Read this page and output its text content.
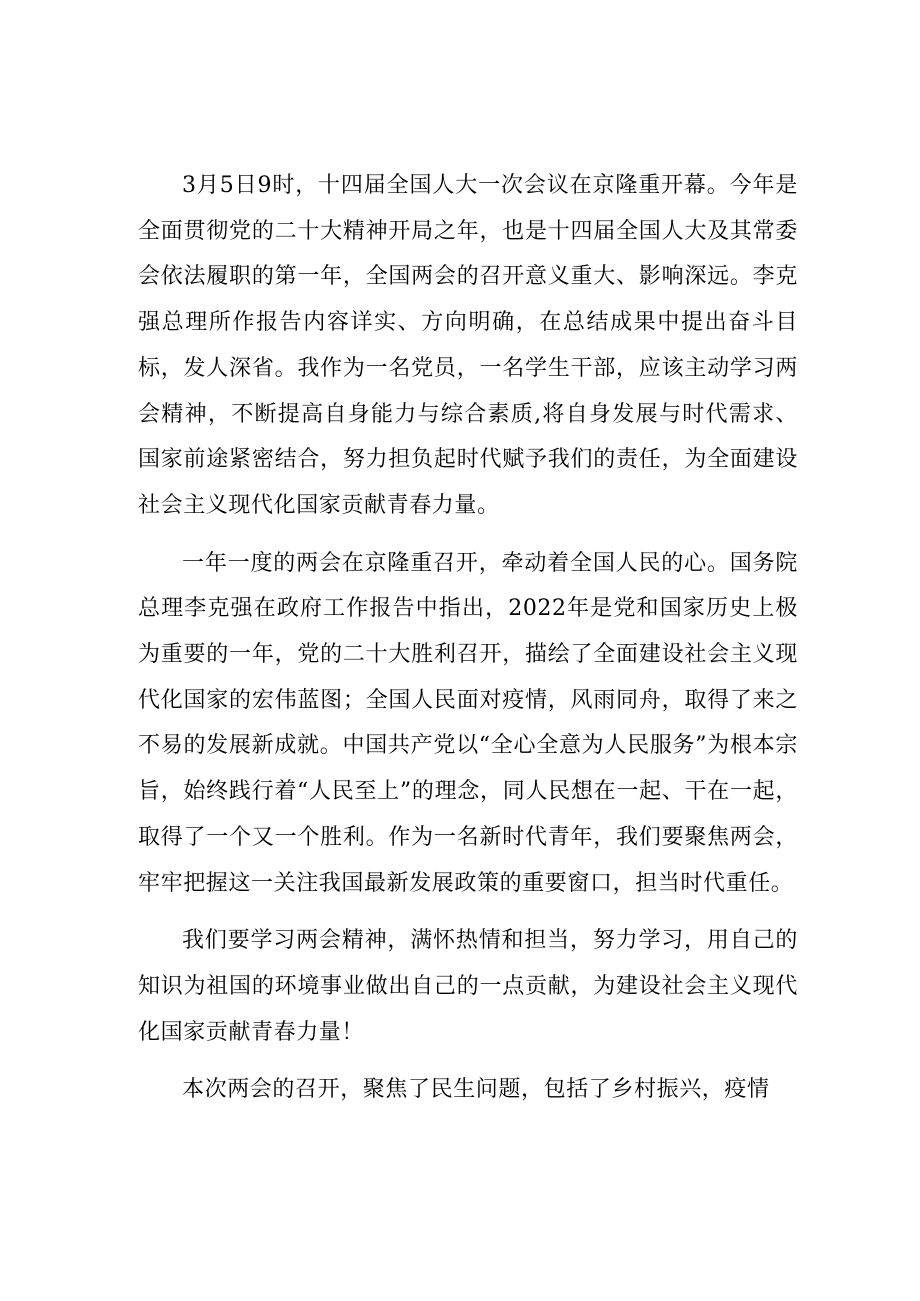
3月5日9时，十四届全国人大一次会议在京隆重开幕。今年是全面贯彻党的二十大精神开局之年，也是十四届全国人大及其常委会依法履职的第一年，全国两会的召开意义重大、影响深远。李克强总理所作报告内容详实、方向明确，在总结成果中提出奋斗目标，发人深省。我作为一名党员，一名学生干部，应该主动学习两会精神，不断提高自身能力与综合素质,将自身发展与时代需求、国家前途紧密结合，努力担负起时代赋予我们的责任，为全面建设社会主义现代化国家贡献青春力量。

一年一度的两会在京隆重召开，牵动着全国人民的心。国务院总理李克强在政府工作报告中指出，2022年是党和国家历史上极为重要的一年，党的二十大胜利召开，描绘了全面建设社会主义现代化国家的宏伟蓝图；全国人民面对疫情，风雨同舟，取得了来之不易的发展新成就。中国共产党以“全心全意为人民服务”为根本宗旨，始终践行着“人民至上”的理念，同人民想在一起、干在一起，取得了一个又一个胜利。作为一名新时代青年，我们要聚焦两会，牢牢把握这一关注我国最新发展政策的重要窗口，担当时代重任。

我们要学习两会精神，满怀热情和担当，努力学习，用自己的知识为祖国的环境事业做出自己的一点贡献，为建设社会主义现代化国家贡献青春力量！

本次两会的召开，聚焦了民生问题，包括了乡村振兴，疫情
